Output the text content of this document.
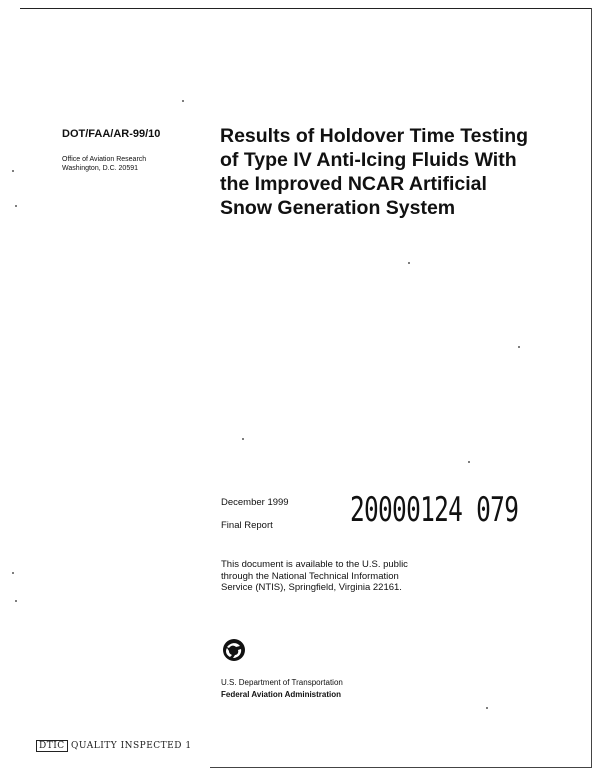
DOT/FAA/AR-99/10
Office of Aviation Research
Washington, D.C. 20591
Results of Holdover Time Testing
of Type IV Anti-Icing Fluids With
the Improved NCAR Artificial
Snow Generation System
December 1999
Final Report 20000124 079
This document is available to the U.S. public
through the National Technical Information
Service (NTIS), Springfield, Virginia 22161.
U.S. Department of Transportation
Federal Aviation Administration
DTIC QUALITY INSPECTED 1
